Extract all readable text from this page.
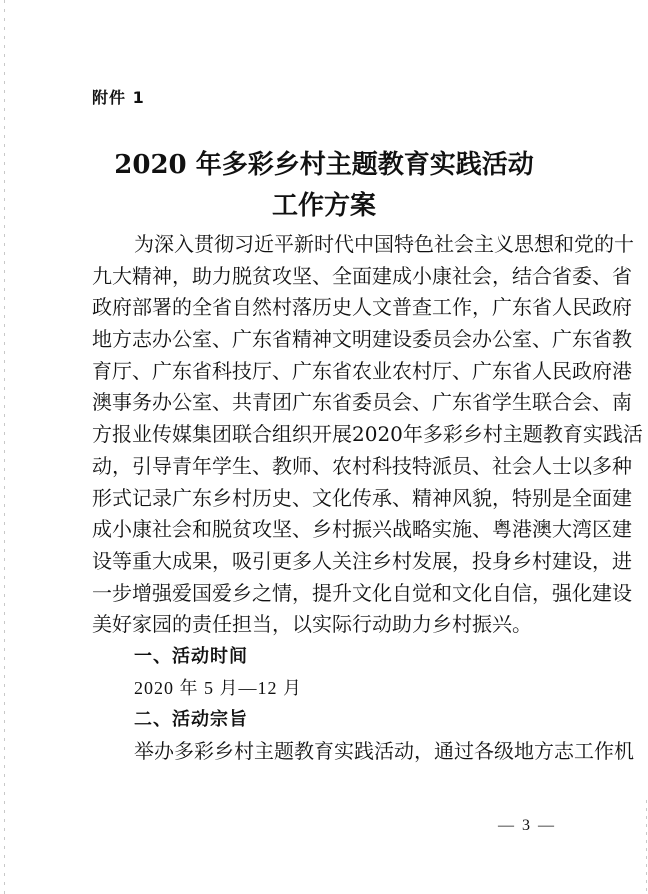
附件 1
2020 年多彩乡村主题教育实践活动
工作方案
为深入贯彻习近平新时代中国特色社会主义思想和党的十
九大精神，助力脱贫攻坚、全面建成小康社会，结合省委、省
政府部署的全省自然村落历史人文普查工作，广东省人民政府
地方志办公室、广东省精神文明建设委员会办公室、广东省教
育厅、广东省科技厅、广东省农业农村厅、广东省人民政府港
澳事务办公室、共青团广东省委员会、广东省学生联合会、南
方报业传媒集团联合组织开展2020年多彩乡村主题教育实践活
动，引导青年学生、教师、农村科技特派员、社会人士以多种
形式记录广东乡村历史、文化传承、精神风貌，特别是全面建
成小康社会和脱贫攻坚、乡村振兴战略实施、粤港澳大湾区建
设等重大成果，吸引更多人关注乡村发展，投身乡村建设，进
一步增强爱国爱乡之情，提升文化自觉和文化自信，强化建设
美好家园的责任担当，以实际行动助力乡村振兴。
一、活动时间
2020 年 5 月—12 月
二、活动宗旨
举办多彩乡村主题教育实践活动，通过各级地方志工作机
— 3 —
